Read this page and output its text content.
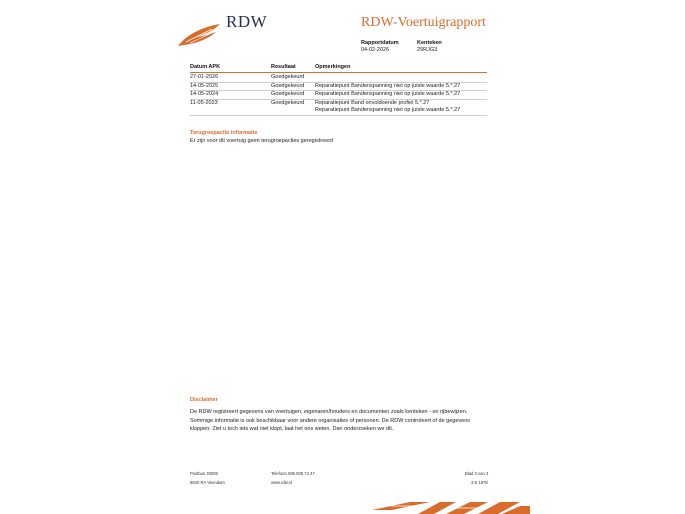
RDW	RDW-Voertuigrapport
Rapportdatum
04-02-2026
Kenteken
29RJG3
Datum APK	Resultaat	Opmerkingen
27-01-2026	Goedgekeurd
14-05-2025	Goedgekeurd Reparatiepunt Bandenspanning niet op juiste waarde 5.*.27
14-05-2024	Goedgekeurd Reparatiepunt Bandenspanning niet op juiste waarde 5.*.27
11-05-2023	Goedgekeurd Reparatiepunt Band onvoldoende profiel 5.*.27
Reparatiepunt Bandenspanning niet op juiste waarde 5.*.27
Terugroepactie informatie
Er zijn voor dit voertuig geen terugroepacties geregistreerd
Disclaimer
De RDW registreert gegevens van voertuigen, eigenaren/houders en documenten zoals kenteken - en rijbewijzen.
Sommige informatie is ook beschikbaar voor andere organisaties of personen. De RDW controleert of de gegevens
kloppen. Ziet u toch iets wat niet klopt, laat het ons weten. Dan onderzoeken we dit.
Postbus 30000
9640 RA Veendam
Telefoon 088 008 74 47
www.rdw.nl
Blad 3 van 3
3 E 1978
